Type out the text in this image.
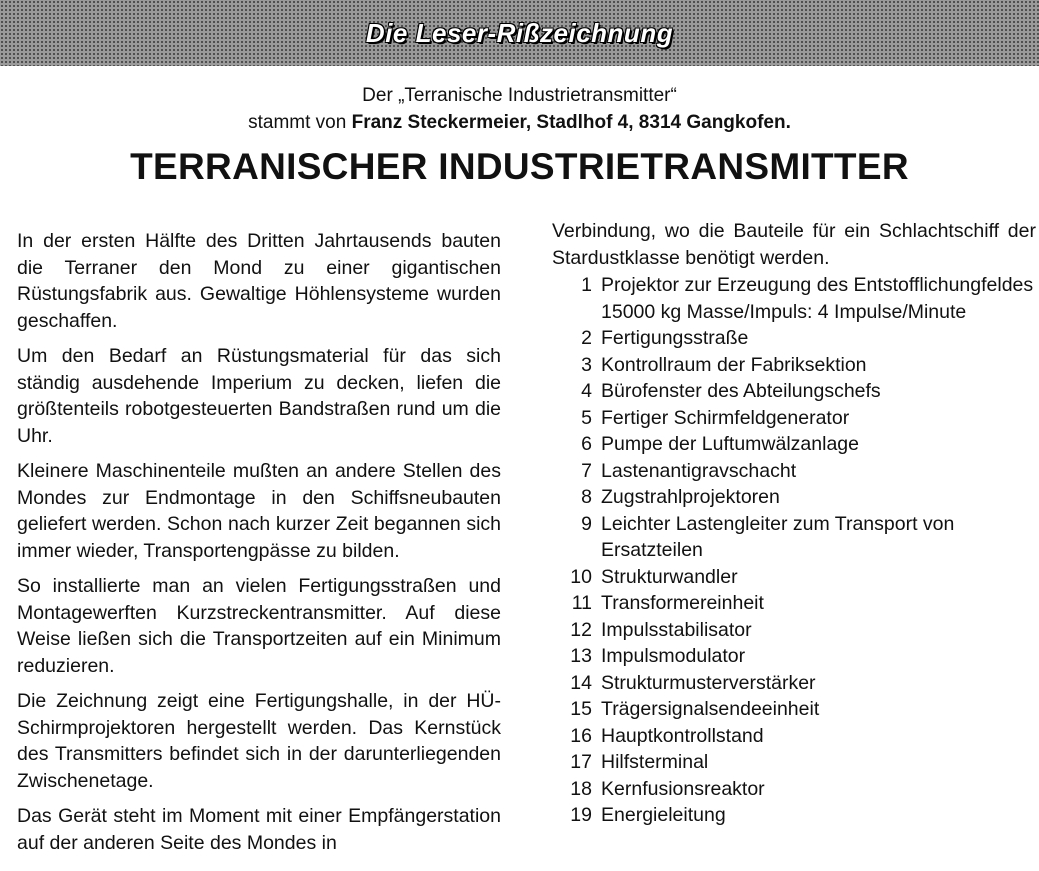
Die Leser-Rißzeichnung
Der „Terranische Industrietransmitter“
stammt von Franz Steckermeier, Stadlhof 4, 8314 Gangkofen.
TERRANISCHER INDUSTRIETRANSMITTER

In der ersten Hälfte des Dritten Jahrtausends bauten die Terraner den Mond zu einer gigantischen Rüstungsfabrik aus. Gewaltige Höhlensysteme wurden geschaffen.

Um den Bedarf an Rüstungsmaterial für das sich ständig ausdehende Imperium zu decken, liefen die größtenteils robotgesteuerten Bandstraßen rund um die Uhr.

Kleinere Maschinenteile mußten an andere Stellen des Mondes zur Endmontage in den Schiffsneubauten geliefert werden. Schon nach kurzer Zeit begannen sich immer wieder, Transportengpässe zu bilden.

So installierte man an vielen Fertigungsstraßen und Montagewerften Kurzstreckentransmitter. Auf diese Weise ließen sich die Transportzeiten auf ein Minimum reduzieren.

Die Zeichnung zeigt eine Fertigungshalle, in der HÜ-Schirmprojektoren hergestellt werden. Das Kernstück des Transmitters befindet sich in der darunterliegenden Zwischenetage.

Das Gerät steht im Moment mit einer Empfängerstation auf der anderen Seite des Mondes in

Verbindung, wo die Bauteile für ein Schlachtschiff der Stardustklasse benötigt werden.
1 Projektor zur Erzeugung des Entstofflichungfeldes
15000 kg Masse/Impuls: 4 Impulse/Minute
2 Fertigungsstraße
3 Kontrollraum der Fabriksektion
4 Bürofenster des Abteilungschefs
5 Fertiger Schirmfeldgenerator
6 Pumpe der Luftumwälzanlage
7 Lastenantigravschacht
8 Zugstrahlprojektoren
9 Leichter Lastengleiter zum Transport von Ersatzteilen
10 Strukturwandler
11 Transformereinheit
12 Impulsstabilisator
13 Impulsmodulator
14 Strukturmusterverstärker
15 Trägersignalsendeeinheit
16 Hauptkontrollstand
17 Hilfsterminal
18 Kernfusionsreaktor
19 Energieleitung
